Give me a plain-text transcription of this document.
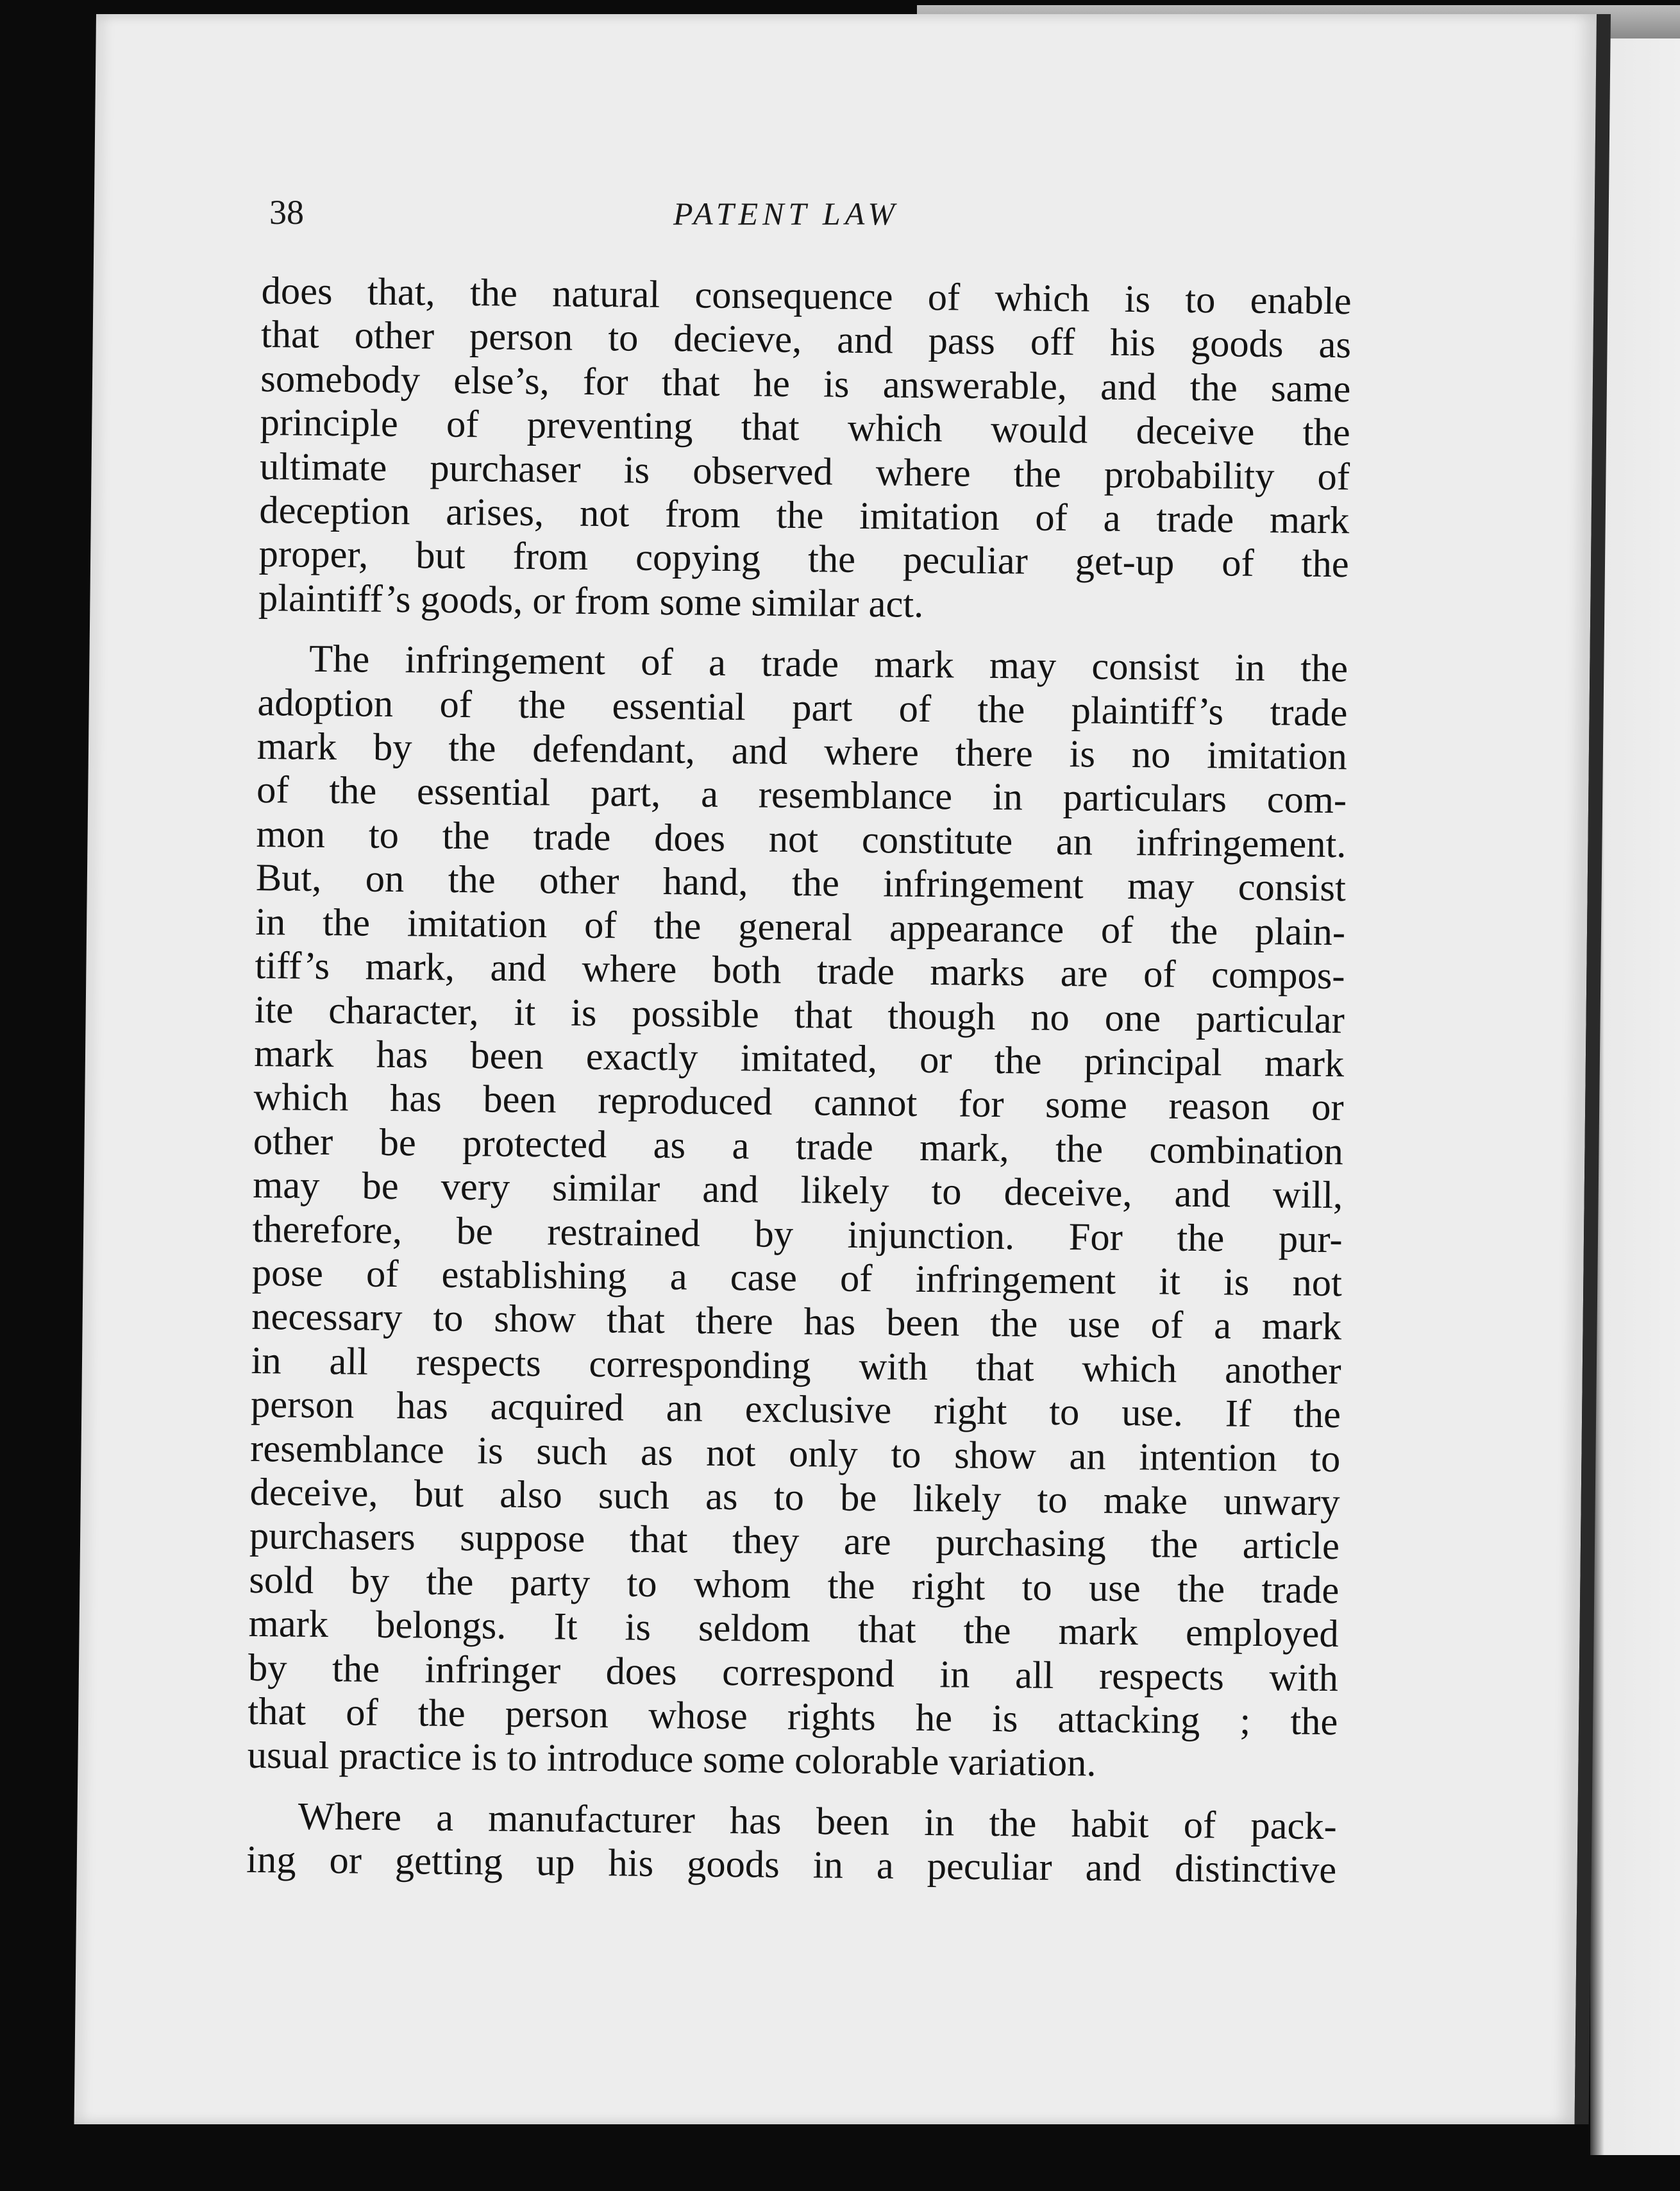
38	PATENT LAW
does that, the natural consequence of which is to enable
that other person to decieve, and pass off his goods as
somebody else’s, for that he is answerable, and the same
principle of preventing that which would deceive the
ultimate purchaser is observed where the probability of
deception arises, not from the imitation of a trade mark
proper, but from copying the peculiar get-up of the
plaintiff’s goods, or from some similar act.
The infringement of a trade mark may consist in the
adoption of the essential part of the plaintiff’s trade
mark by the defendant, and where there is no imitation
of the essential part, a resemblance in particulars com-
mon to the trade does not constitute an infringement.
But, on the other hand, the infringement may consist
in the imitation of the general appearance of the plain-
tiff’s mark, and where both trade marks are of compos-
ite character, it is possible that though no one particular
mark has been exactly imitated, or the principal mark
which has been reproduced cannot for some reason or
other be protected as a trade mark, the combination
may be very similar and likely to deceive, and will,
therefore, be restrained by injunction. For the pur-
pose of establishing a case of infringement it is not
necessary to show that there has been the use of a mark
in all respects corresponding with that which another
person has acquired an exclusive right to use. If the
resemblance is such as not only to show an intention to
deceive, but also such as to be likely to make unwary
purchasers suppose that they are purchasing the article
sold by the party to whom the right to use the trade
mark belongs. It is seldom that the mark employed
by the infringer does correspond in all respects with
that of the person whose rights he is attacking ; the
usual practice is to introduce some colorable variation.
Where a manufacturer has been in the habit of pack-
ing or getting up his goods in a peculiar and distinctive
